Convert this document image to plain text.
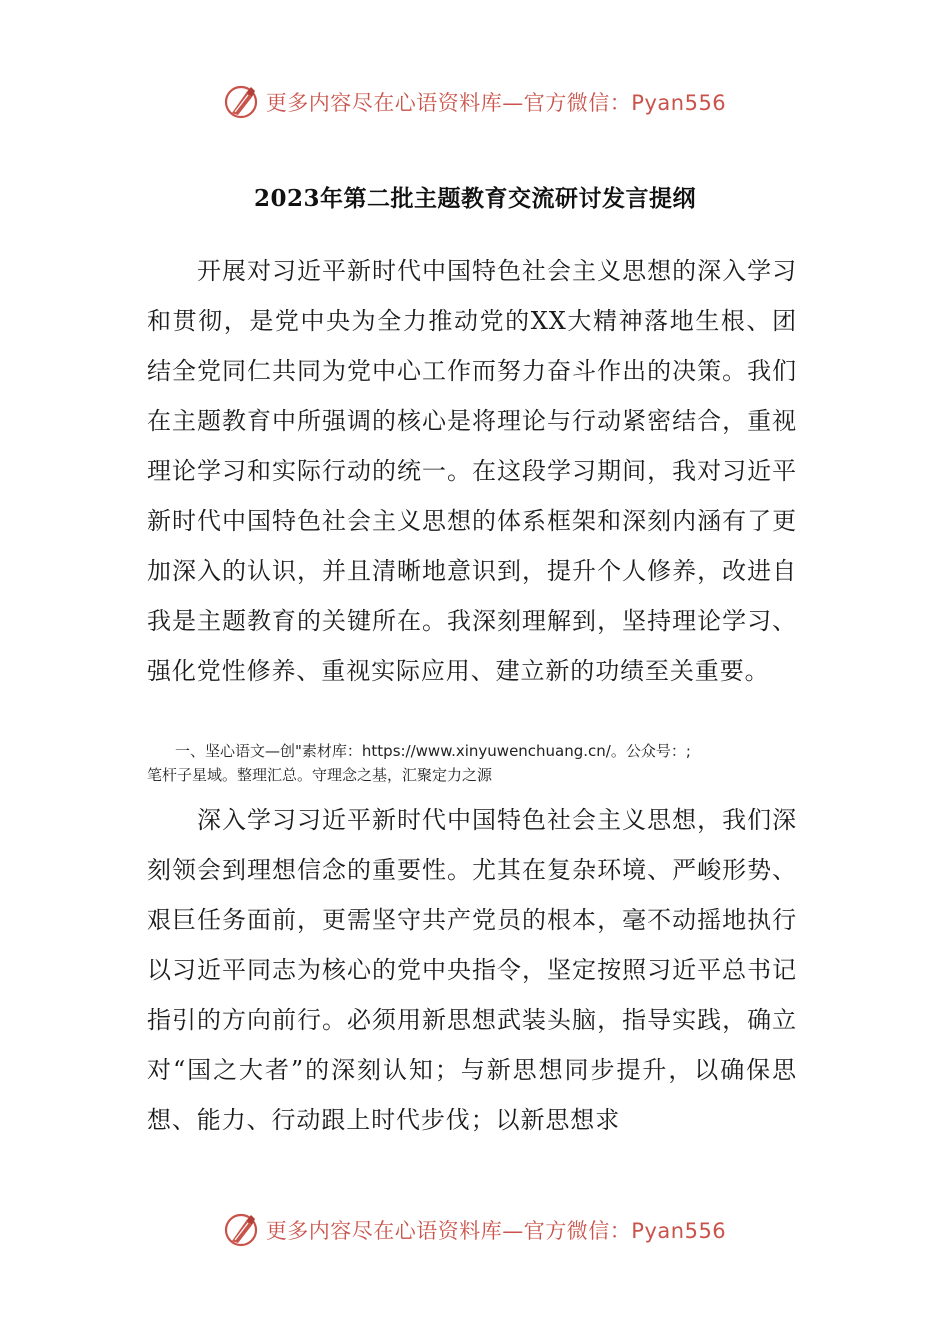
更多内容尽在心语资料库—官方微信：Pyan556
2023年第二批主题教育交流研讨发言提纲

开展对习近平新时代中国特色社会主义思想的深入学习和贯彻，是党中央为全力推动党的XX大精神落地生根、团结全党同仁共同为党中心工作而努力奋斗作出的决策。我们在主题教育中所强调的核心是将理论与行动紧密结合，重视理论学习和实际行动的统一。在这段学习期间，我对习近平新时代中国特色社会主义思想的体系框架和深刻内涵有了更加深入的认识，并且清晰地意识到，提升个人修养，改进自我是主题教育的关键所在。我深刻理解到，坚持理论学习、强化党性修养、重视实际应用、建立新的功绩至关重要。

一、坚心语文—创"素材库：https://www.xinyuwenchuang.cn/。公众号：;
笔杆子星域。整理汇总。守理念之基，汇聚定力之源

深入学习习近平新时代中国特色社会主义思想，我们深刻领会到理想信念的重要性。尤其在复杂环境、严峻形势、艰巨任务面前，更需坚守共产党员的根本，毫不动摇地执行以习近平同志为核心的党中央指令，坚定按照习近平总书记指引的方向前行。必须用新思想武装头脑，指导实践，确立对“国之大者”的深刻认知；与新思想同步提升，以确保思想、能力、行动跟上时代步伐；以新思想求

更多内容尽在心语资料库—官方微信：Pyan556
